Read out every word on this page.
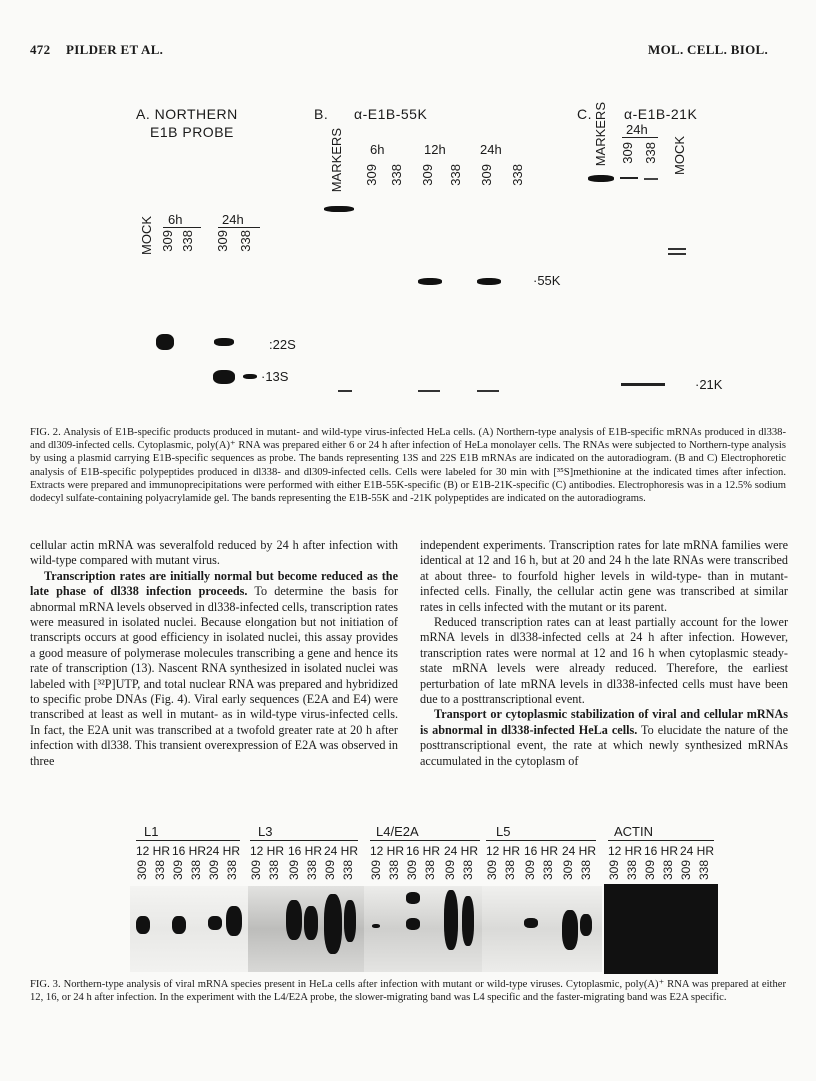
472 PILDER ET AL.	MOL. CELL. BIOL.
A. NORTHERN
E1B PROBE
6h	24h
MOCK 309 338 309 338
:22S
·13S
B. α-E1B-55K
MARKERS 6h	12h	24h
309 338 309 338 309 338
·55K
C. MARKERS α-E1B-21K
24h
309 338 MOCK
·21K
FIG. 2. Analysis of E1B-specific products produced in mutant- and wild-type virus-infected HeLa cells. (A) Northern-type analysis of E1B-specific mRNAs produced in dl338- and dl309-infected cells. Cytoplasmic, poly(A)⁺ RNA was prepared either 6 or 24 h after infection of HeLa monolayer cells. The RNAs were subjected to Northern-type analysis by using a plasmid carrying E1B-specific sequences as probe. The bands representing 13S and 22S E1B mRNAs are indicated on the autoradiogram. (B and C) Electrophoretic analysis of E1B-specific polypeptides produced in dl338- and dl309-infected cells. Cells were labeled for 30 min with [³⁵S]methionine at the indicated times after infection. Extracts were prepared and immunoprecipitations were performed with either E1B-55K-specific (B) or E1B-21K-specific (C) antibodies. Electrophoresis was in a 12.5% sodium dodecyl sulfate-containing polyacrylamide gel. The bands representing the E1B-55K and -21K polypeptides are indicated on the autoradiograms.

cellular actin mRNA was severalfold reduced by 24 h after infection with wild-type compared with mutant virus.

Transcription rates are initially normal but become reduced as the late phase of dl338 infection proceeds. To determine the basis for abnormal mRNA levels observed in dl338-infected cells, transcription rates were measured in isolated nuclei. Because elongation but not initiation of transcripts occurs at good efficiency in isolated nuclei, this assay provides a good measure of polymerase molecules transcribing a gene and hence its rate of transcription (13). Nascent RNA synthesized in isolated nuclei was labeled with [³²P]UTP, and total nuclear RNA was prepared and hybridized to specific probe DNAs (Fig. 4). Viral early sequences (E2A and E4) were transcribed at least as well in mutant- as in wild-type virus-infected cells. In fact, the E2A unit was transcribed at a twofold greater rate at 20 h after infection with dl338. This transient overexpression of E2A was observed in three

independent experiments. Transcription rates for late mRNA families were identical at 12 and 16 h, but at 20 and 24 h the late RNAs were transcribed at about three- to fourfold higher levels in wild-type- than in mutant-infected cells. Finally, the cellular actin gene was transcribed at similar rates in cells infected with the mutant or its parent.

Reduced transcription rates can at least partially account for the lower mRNA levels in dl338-infected cells at 24 h after infection. However, transcription rates were normal at 12 and 16 h when cytoplasmic steady-state mRNA levels were already reduced. Therefore, the earliest perturbation of late mRNA levels in dl338-infected cells must have been due to a posttranscriptional event.

Transport or cytoplasmic stabilization of viral and cellular mRNAs is abnormal in dl338-infected HeLa cells. To elucidate the nature of the posttranscriptional event, the rate at which newly synthesized mRNAs accumulated in the cytoplasm of

L1	L3	L4/E2A	L5	ACTIN
12 HR 16 HR 24 HR 12 HR 16 HR 24 HR 12 HR 16 HR 24 HR 12 HR 16 HR 24 HR 12 HR 16 HR 24 HR
309 338 309 338 309 338 309 338 309 338 309 338 309 338 309 338 309 338 309 338 309 338 309 338 309 338 309 338 309 338
FIG. 3. Northern-type analysis of viral mRNA species present in HeLa cells after infection with mutant or wild-type viruses. Cytoplasmic, poly(A)⁺ RNA was prepared at either 12, 16, or 24 h after infection. In the experiment with the L4/E2A probe, the slower-migrating band was L4 specific and the faster-migrating band was E2A specific.
